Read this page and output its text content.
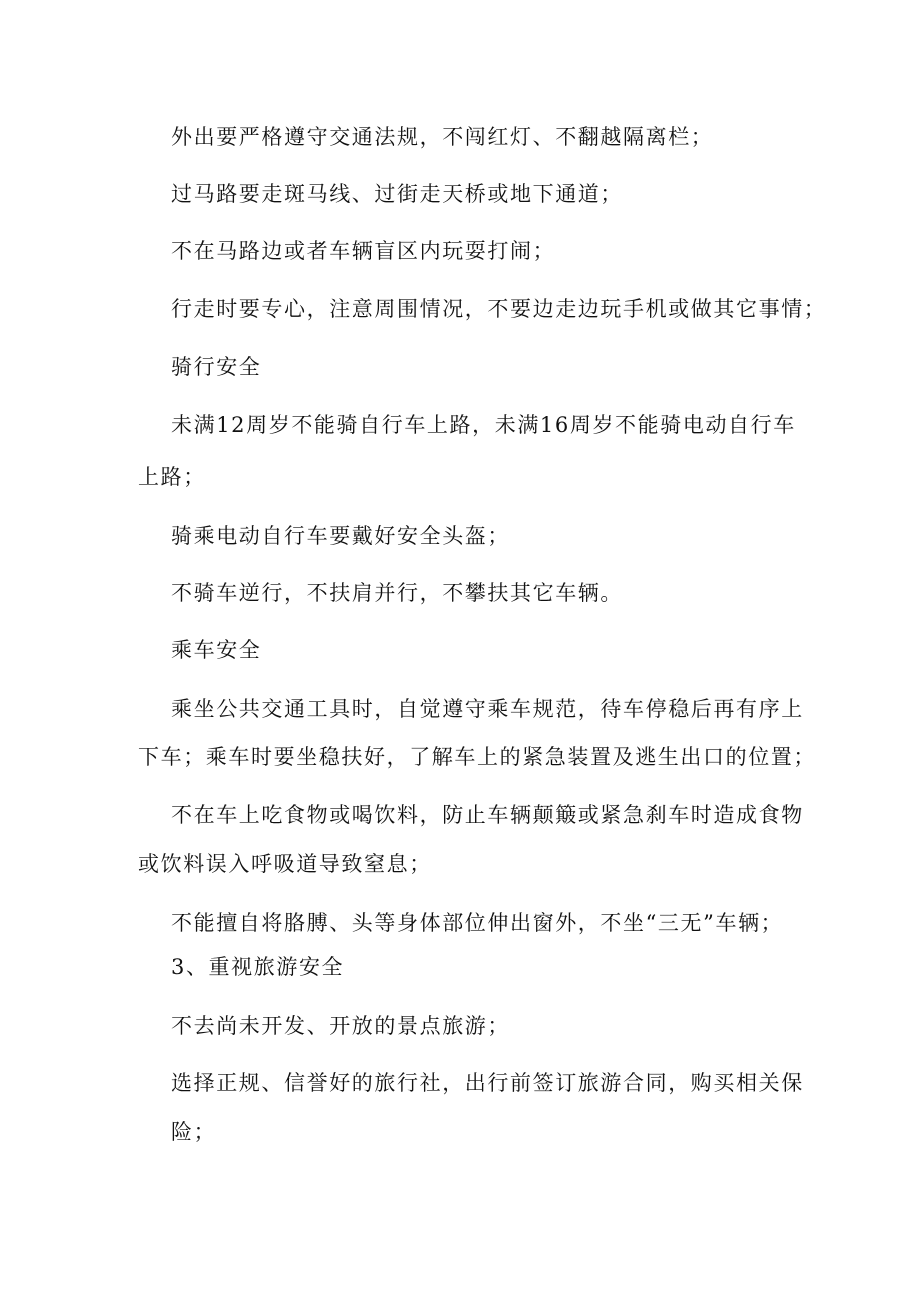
外出要严格遵守交通法规，不闯红灯、不翻越隔离栏；

过马路要走斑马线、过街走天桥或地下通道；

不在马路边或者车辆盲区内玩耍打闹；

行走时要专心，注意周围情况，不要边走边玩手机或做其它事情；

骑行安全

未满12周岁不能骑自行车上路，未满16周岁不能骑电动自行车

上路；

骑乘电动自行车要戴好安全头盔；

不骑车逆行，不扶肩并行，不攀扶其它车辆。

乘车安全

乘坐公共交通工具时，自觉遵守乘车规范，待车停稳后再有序上

下车；乘车时要坐稳扶好，了解车上的紧急装置及逃生出口的位置；

不在车上吃食物或喝饮料，防止车辆颠簸或紧急刹车时造成食物

或饮料误入呼吸道导致窒息；

不能擅自将胳膊、头等身体部位伸出窗外，不坐“三无”车辆；

3、重视旅游安全

不去尚未开发、开放的景点旅游；

选择正规、信誉好的旅行社，出行前签订旅游合同，购买相关保

险；
